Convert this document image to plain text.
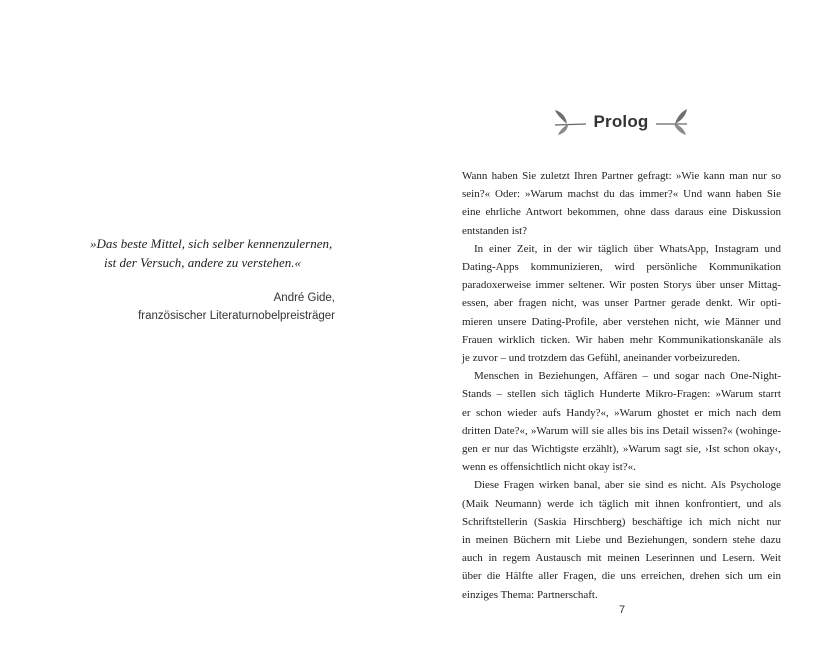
»Das beste Mittel, sich selber kennenzulernen,
ist der Versuch, andere zu verstehen.«
André Gide,
französischer Literaturnobelpreisträger
Prolog
Wann haben Sie zuletzt Ihren Partner gefragt: »Wie kann man nur so
sein?« Oder: »Warum machst du das immer?« Und wann haben Sie
eine ehrliche Antwort bekommen, ohne dass daraus eine Diskussion
entstanden ist?
In einer Zeit, in der wir täglich über WhatsApp, Instagram und
Dating-Apps kommunizieren, wird persönliche Kommunikation
paradoxerweise immer seltener. Wir posten Storys über unser Mittag-
essen, aber fragen nicht, was unser Partner gerade denkt. Wir opti-
mieren unsere Dating-Profile, aber verstehen nicht, wie Männer und
Frauen wirklich ticken. Wir haben mehr Kommunikationskanäle als
je zuvor – und trotzdem das Gefühl, aneinander vorbeizureden.
Menschen in Beziehungen, Affären – und sogar nach One-Night-
Stands – stellen sich täglich Hunderte Mikro-Fragen: »Warum starrt
er schon wieder aufs Handy?«, »Warum ghostet er mich nach dem
dritten Date?«, »Warum will sie alles bis ins Detail wissen?« (wohinge-
gen er nur das Wichtigste erzählt), »Warum sagt sie, ›Ist schon okay‹,
wenn es offensichtlich nicht okay ist?«.
Diese Fragen wirken banal, aber sie sind es nicht. Als Psychologe
(Maik Neumann) werde ich täglich mit ihnen konfrontiert, und als
Schriftstellerin (Saskia Hirschberg) beschäftige ich mich nicht nur
in meinen Büchern mit Liebe und Beziehungen, sondern stehe dazu
auch in regem Austausch mit meinen Leserinnen und Lesern. Weit
über die Hälfte aller Fragen, die uns erreichen, drehen sich um ein
einziges Thema: Partnerschaft.
7
